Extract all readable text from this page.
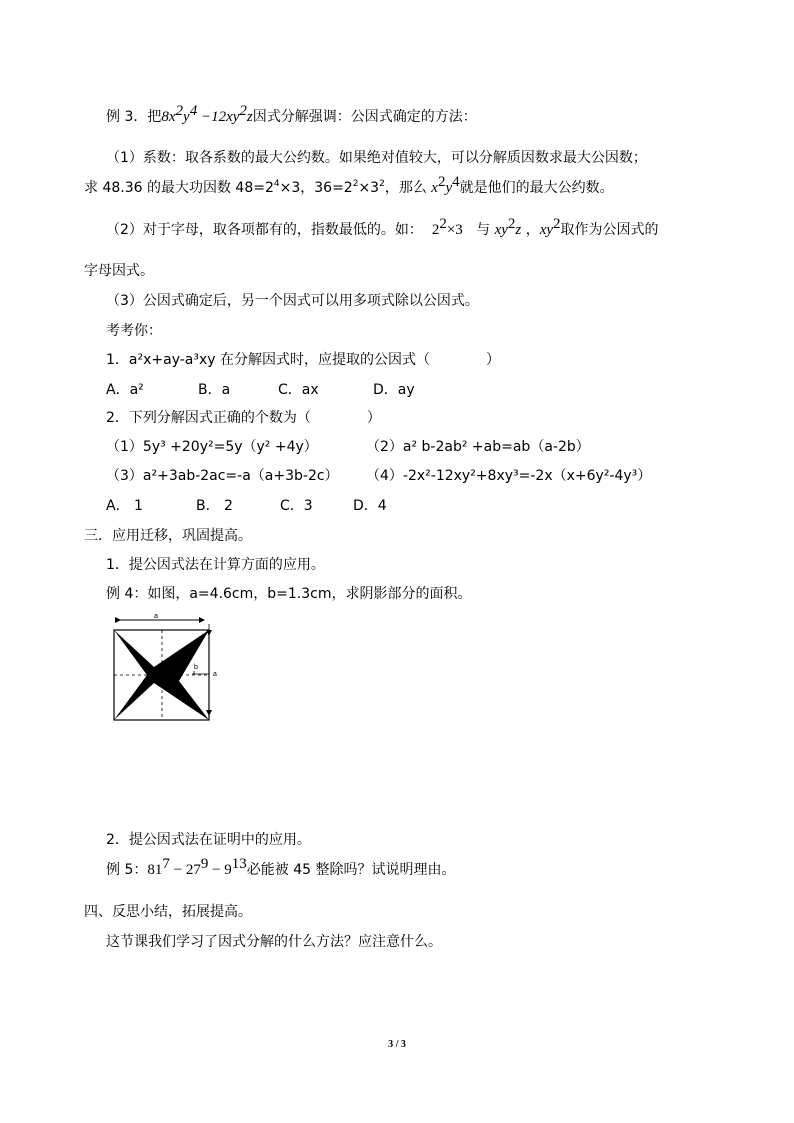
例 3．把$8x^2y^4 -12xy^2z$因式分解强调：公因式确定的方法：
（1）系数：取各系数的最大公约数。如果绝对值较大，可以分解质因数求最大公因数；
求 48.36 的最大功因数 $48=2^4\times 3$，$36=2^2\times 3^2$，那么 $x^2y^4$就是他们的最大公约数。
（2）对于字母，取各项都有的，指数最低的。如： $2^2\times 3$ 与 $xy^2z$ ，$xy^2$取作为公因式的
字母因式。
（3）公因式确定后，另一个因式可以用多项式除以公因式。
考考你：
1．a²x+ay-a³xy 在分解因式时，应提取的公因式（　　　　）
A．a²	B．a	C．ax	D．ay
2．下列分解因式正确的个数为（　　　　）
（1）5y³ +20y²=5y（y² +4y）	（2）a² b-2ab² +ab=ab（a-2b）
（3）a²+3ab-2ac=-a（a+3b-2c） （4）-2x²-12xy²+8xy³=-2x（x+6y²-4y³）
A． 1	B． 2	C．3	D．4
三．应用迁移，巩固提高。
1．提公因式法在计算方面的应用。
例 4：如图，a=4.6cm，b=1.3cm，求阴影部分的面积。
a
a
b
2．提公因式法在证明中的应用。
例 5：$81^7 - 27^9 - 9^{13}$必能被 45 整除吗？试说明理由。
四、反思小结，拓展提高。
这节课我们学习了因式分解的什么方法？应注意什么。
3 / 3
